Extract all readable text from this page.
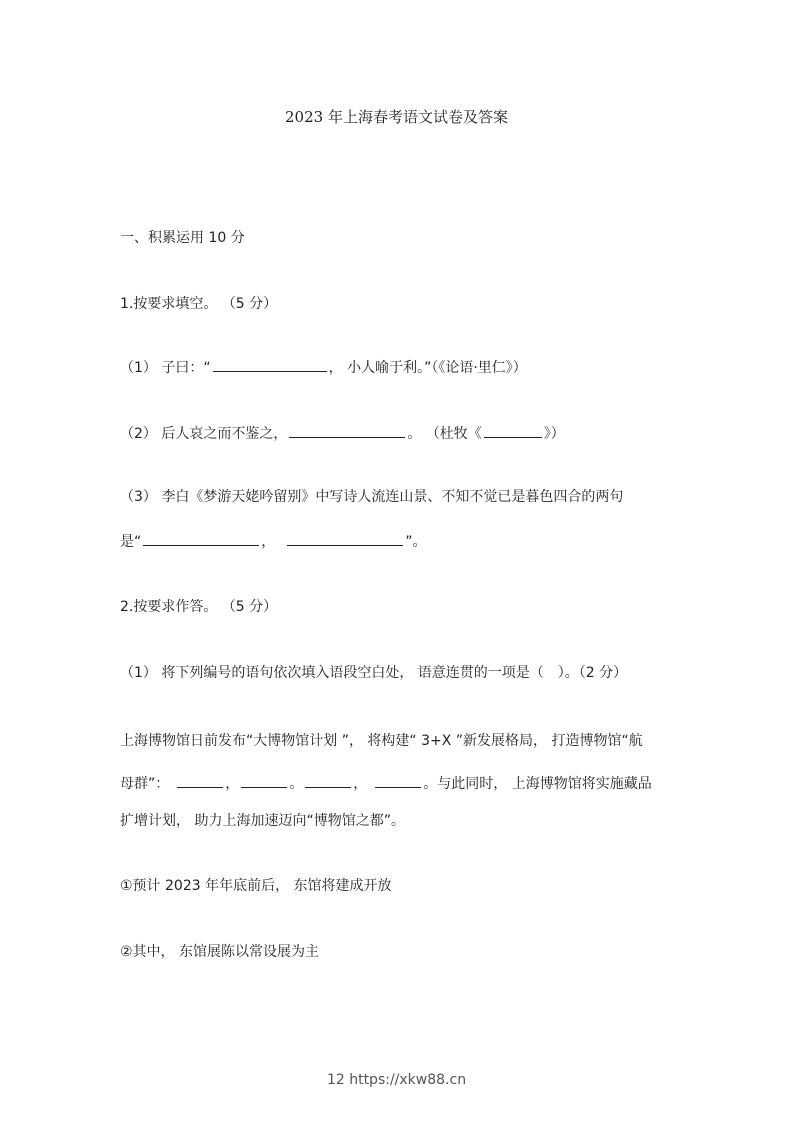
2023 年上海春考语文试卷及答案
一、积累运用 10 分
1.按要求填空。 （5 分）
（1） 子曰：“	， 小人喻于利。”（《论语·里仁》）
（2） 后人哀之而不鉴之，	。 （杜牧《	》）
（3） 李白《梦游天姥吟留别》中写诗人流连山景、不知不觉已是暮色四合的两句
是“	，	”。
2.按要求作答。 （5 分）
（1） 将下列编号的语句依次填入语段空白处， 语意连贯的一项是（　）。（2 分）
上海博物馆日前发布“大博物馆计划 ”， 将构建“ 3+X ”新发展格局， 打造博物馆“航
母群”：	，	。	，	。与此同时， 上海博物馆将实施藏品
扩增计划， 助力上海加速迈向“博物馆之都”。
①预计 2023 年年底前后， 东馆将建成开放
②其中， 东馆展陈以常设展为主
12 https://xkw88.cn
